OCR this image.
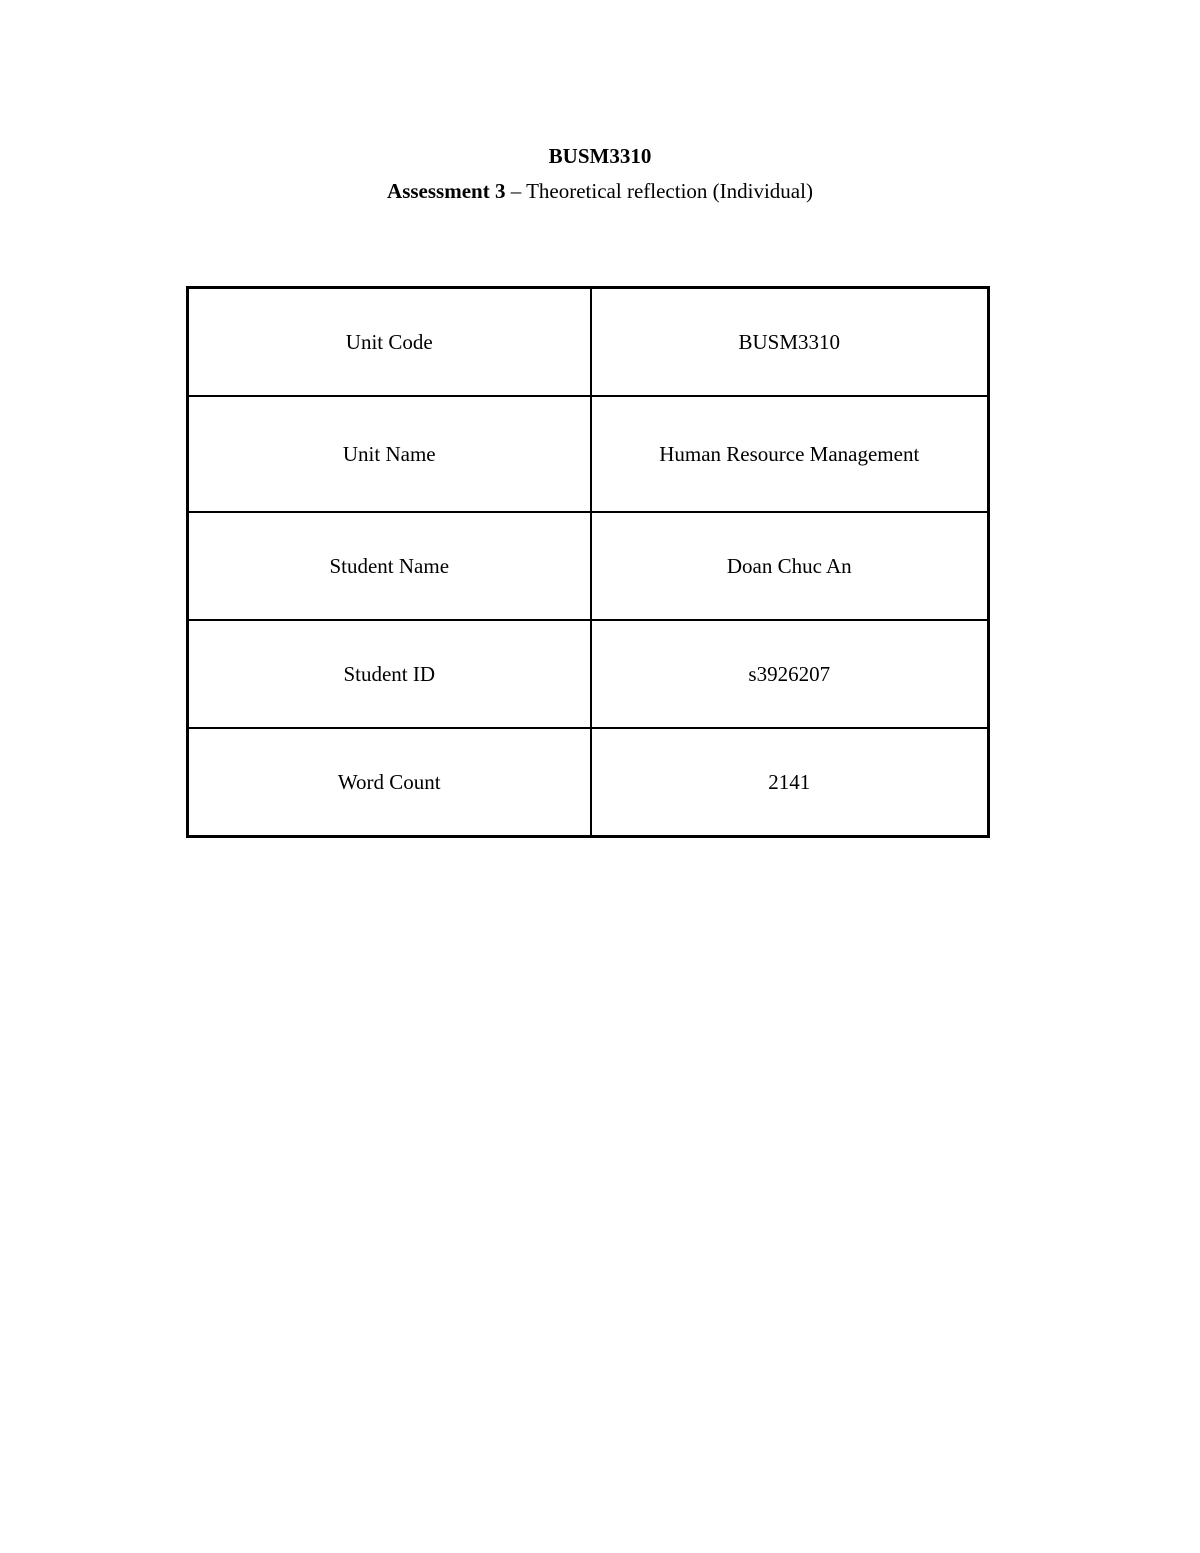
BUSM3310
Assessment 3 – Theoretical reflection (Individual)
Unit Code	BUSM3310
Unit Name	Human Resource Management
Student Name	Doan Chuc An
Student ID	s3926207
Word Count	2141
